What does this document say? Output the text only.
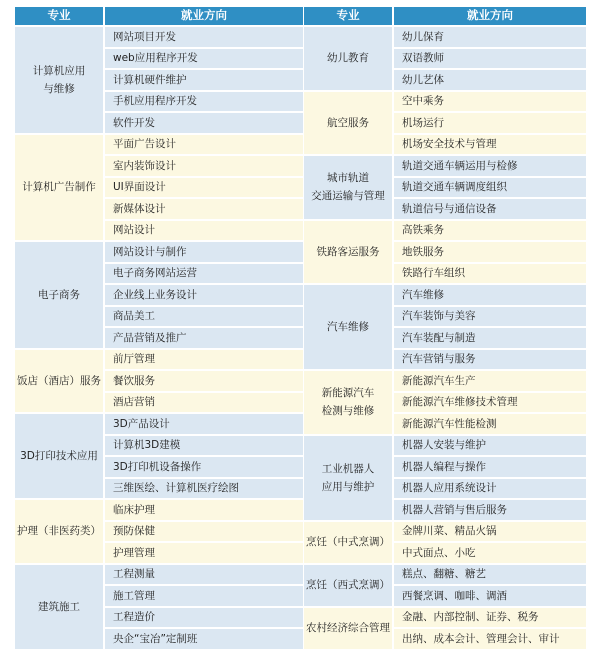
专业	就业方向
计算机应用
与维修	网站项目开发
	web应用程序开发
	计算机硬件维护
	手机应用程序开发
	软件开发
计算机广告制作	平面广告设计
	室内装饰设计
	UI界面设计
	新媒体设计
	网站设计
电子商务	网站设计与制作
	电子商务网站运营
	企业线上业务设计
	商品美工
	产品营销及推广
饭店（酒店）服务	前厅管理
	餐饮服务
	酒店营销
3D打印技术应用	3D产品设计
	计算机3D建模
	3D打印机设备操作
	三维医绘、计算机医疗绘图
护理（非医药类）	临床护理
	预防保健
	护理管理
建筑施工	工程测量
	施工管理
	工程造价
	央企“宝冶”定制班
专业	就业方向
幼儿教育	幼儿保育
	双语教师
	幼儿艺体
航空服务	空中乘务
	机场运行
	机场安全技术与管理
城市轨道
交通运输与管理	轨道交通车辆运用与检修
	轨道交通车辆调度组织
	轨道信号与通信设备
铁路客运服务	高铁乘务
	地铁服务
	铁路行车组织
汽车维修	汽车维修
	汽车装饰与美容
	汽车装配与制造
	汽车营销与服务
新能源汽车
检测与维修	新能源汽车生产
	新能源汽车维修技术管理
	新能源汽车性能检测
工业机器人
应用与维护	机器人安装与维护
	机器人编程与操作
	机器人应用系统设计
	机器人营销与售后服务
烹饪（中式烹调）	金牌川菜、精品火锅
	中式面点、小吃
烹饪（西式烹调）	糕点、翻糖、糖艺
	西餐烹调、咖啡、调酒
农村经济综合管理	金融、内部控制、证券、税务
	出纳、成本会计、管理会计、审计
